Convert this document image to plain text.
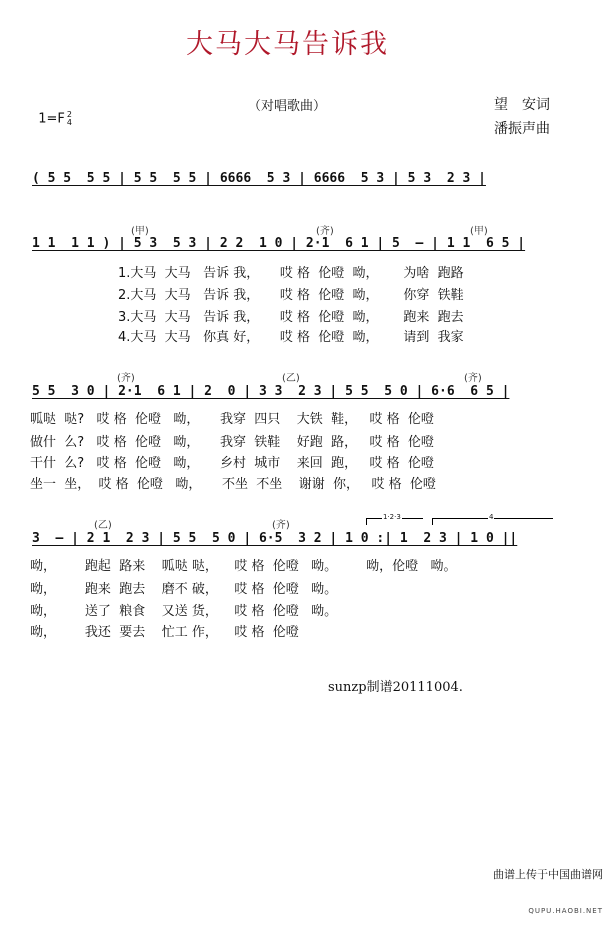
大马大马告诉我

1=F 2
4

（对唱歌曲）	望　安词
潘振声曲
( 5 5  5 5 | 5 5  5 5 | 6666  5 3 | 6666  5 3 | 5 3  2 3 |
(甲)	(齐)	(甲)
1 1  1 1 ) | 5 3  5 3 | 2 2  1 0 | 2·1  6 1 | 5  – | 1 1  6 5 |
1.大马  大马   告诉 我，     哎 格  伦噔  呦，      为啥  跑路
2.大马  大马   告诉 我，     哎 格  伦噔  呦，      你穿  铁鞋
3.大马  大马   告诉 我，     哎 格  伦噔  呦，      跑来  跑去
4.大马  大马   你真 好，     哎 格  伦噔  呦，      请到  我家
(齐)	(乙)	(齐)
5 5  3 0 | 2·1  6 1 | 2  0 | 3 3  2 3 | 5 5  5 0 | 6·6  6 5 |
呱哒  哒?   哎 格  伦噔   呦，     我穿  四只    大铁  鞋，   哎 格  伦噔
做什  么?   哎 格  伦噔   呦，     我穿  铁鞋    好跑  路，   哎 格  伦噔
干什  么?   哎 格  伦噔   呦，     乡村  城市    来回  跑，   哎 格  伦噔
坐一  坐，  哎 格  伦噔   呦，     不坐  不坐    谢谢  你，   哎 格  伦噔
1·2·3	4
(乙)	(齐)
3  – | 2 1  2 3 | 5 5  5 0 | 6·5  3 2 | 1 0 :| 1  2 3 | 1 0 ||
呦，       跑起  路来    呱哒 哒，    哎 格  伦噔   呦。       呦，伦噔   呦。
呦，       跑来  跑去    磨不 破，    哎 格  伦噔   呦。
呦，       送了  粮食    又送 货，    哎 格  伦噔   呦。
呦，       我还  要去    忙工 作，    哎 格  伦噔
sunzp制谱20111004.

曲谱上传于中国曲谱网

QUPU.HAOBI.NET
